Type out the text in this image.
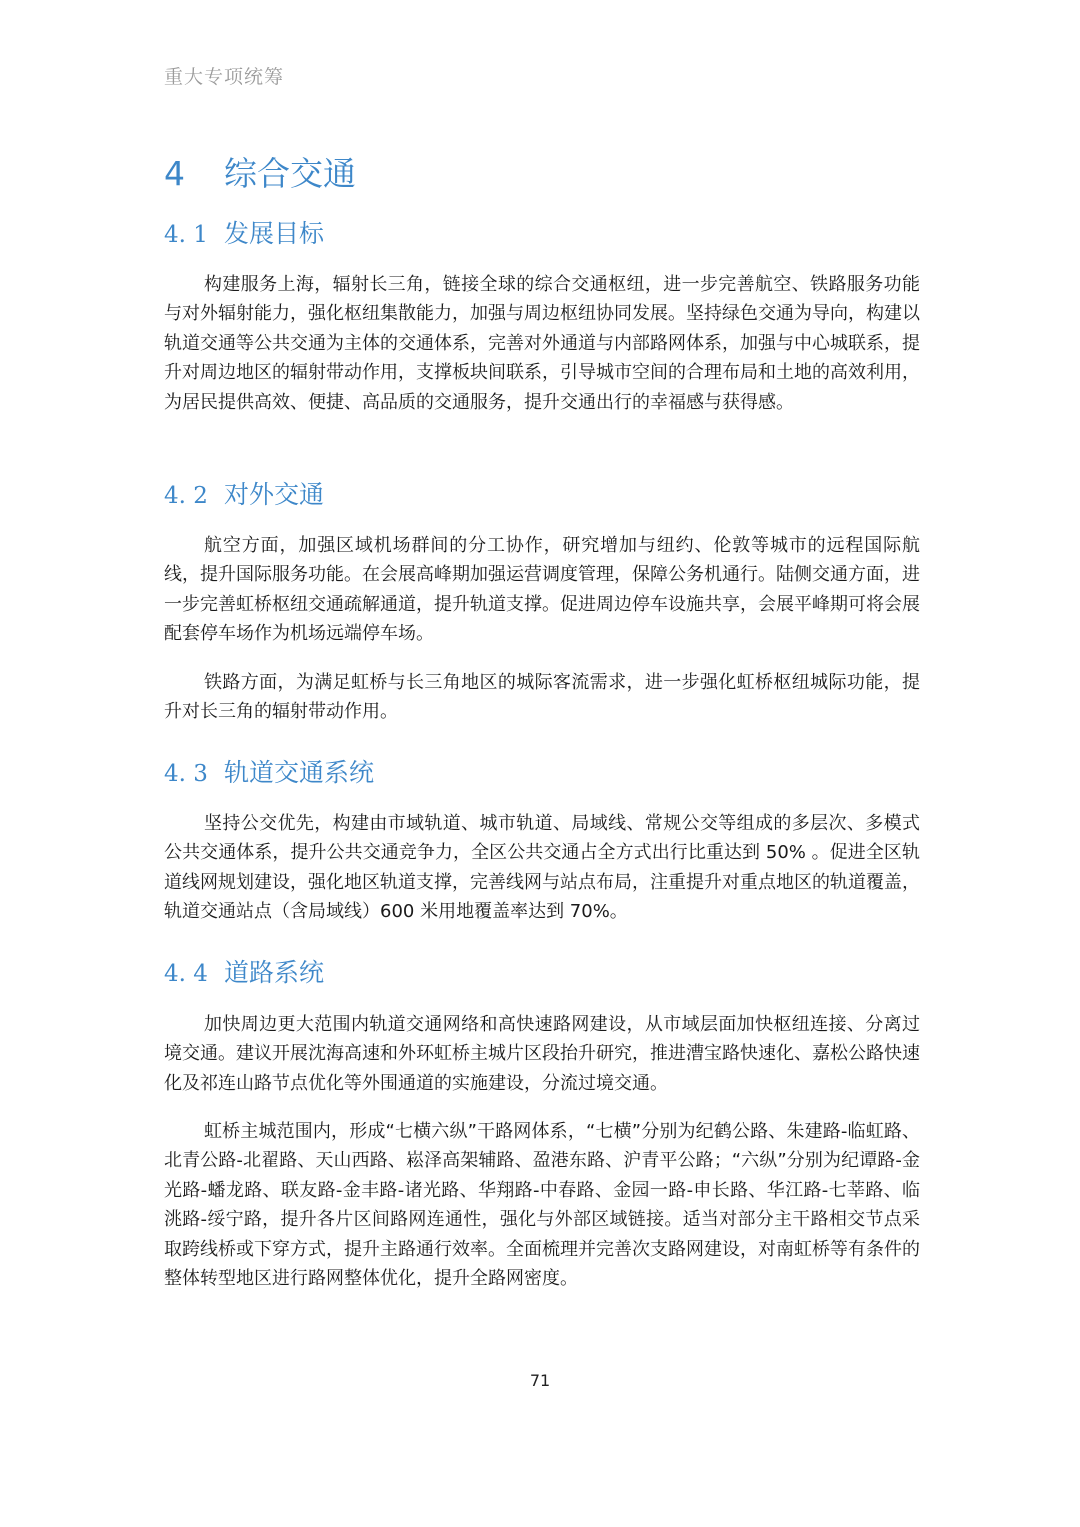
重大专项统筹
4 综合交通
4. 1 发展目标

构建服务上海，辐射长三角，链接全球的综合交通枢纽，进一步完善航空、铁路服务功能与对外辐射能力，强化枢纽集散能力，加强与周边枢纽协同发展。坚持绿色交通为导向，构建以轨道交通等公共交通为主体的交通体系，完善对外通道与内部路网体系，加强与中心城联系，提升对周边地区的辐射带动作用，支撑板块间联系，引导城市空间的合理布局和土地的高效利用，为居民提供高效、便捷、高品质的交通服务，提升交通出行的幸福感与获得感。

4. 2 对外交通

航空方面，加强区域机场群间的分工协作，研究增加与纽约、伦敦等城市的远程国际航线，提升国际服务功能。在会展高峰期加强运营调度管理，保障公务机通行。陆侧交通方面，进一步完善虹桥枢纽交通疏解通道，提升轨道支撑。促进周边停车设施共享，会展平峰期可将会展配套停车场作为机场远端停车场。

铁路方面，为满足虹桥与长三角地区的城际客流需求，进一步强化虹桥枢纽城际功能，提升对长三角的辐射带动作用。

4. 3 轨道交通系统

坚持公交优先，构建由市域轨道、城市轨道、局域线、常规公交等组成的多层次、多模式公共交通体系，提升公共交通竞争力，全区公共交通占全方式出行比重达到 50% 。促进全区轨道线网规划建设，强化地区轨道支撑，完善线网与站点布局，注重提升对重点地区的轨道覆盖，轨道交通站点（含局域线）600 米用地覆盖率达到 70%。

4. 4 道路系统

加快周边更大范围内轨道交通网络和高快速路网建设，从市域层面加快枢纽连接、分离过境交通。建议开展沈海高速和外环虹桥主城片区段抬升研究，推进漕宝路快速化、嘉松公路快速化及祁连山路节点优化等外围通道的实施建设，分流过境交通。

虹桥主城范围内，形成“七横六纵”干路网体系，“七横”分别为纪鹤公路、朱建路-临虹路、北青公路-北翟路、天山西路、崧泽高架辅路、盈港东路、沪青平公路；“六纵”分别为纪谭路-金光路-蟠龙路、联友路-金丰路-诸光路、华翔路-中春路、金园一路-申长路、华江路-七莘路、临洮路-绥宁路，提升各片区间路网连通性，强化与外部区域链接。适当对部分主干路相交节点采取跨线桥或下穿方式，提升主路通行效率。全面梳理并完善次支路网建设，对南虹桥等有条件的整体转型地区进行路网整体优化，提升全路网密度。

71
